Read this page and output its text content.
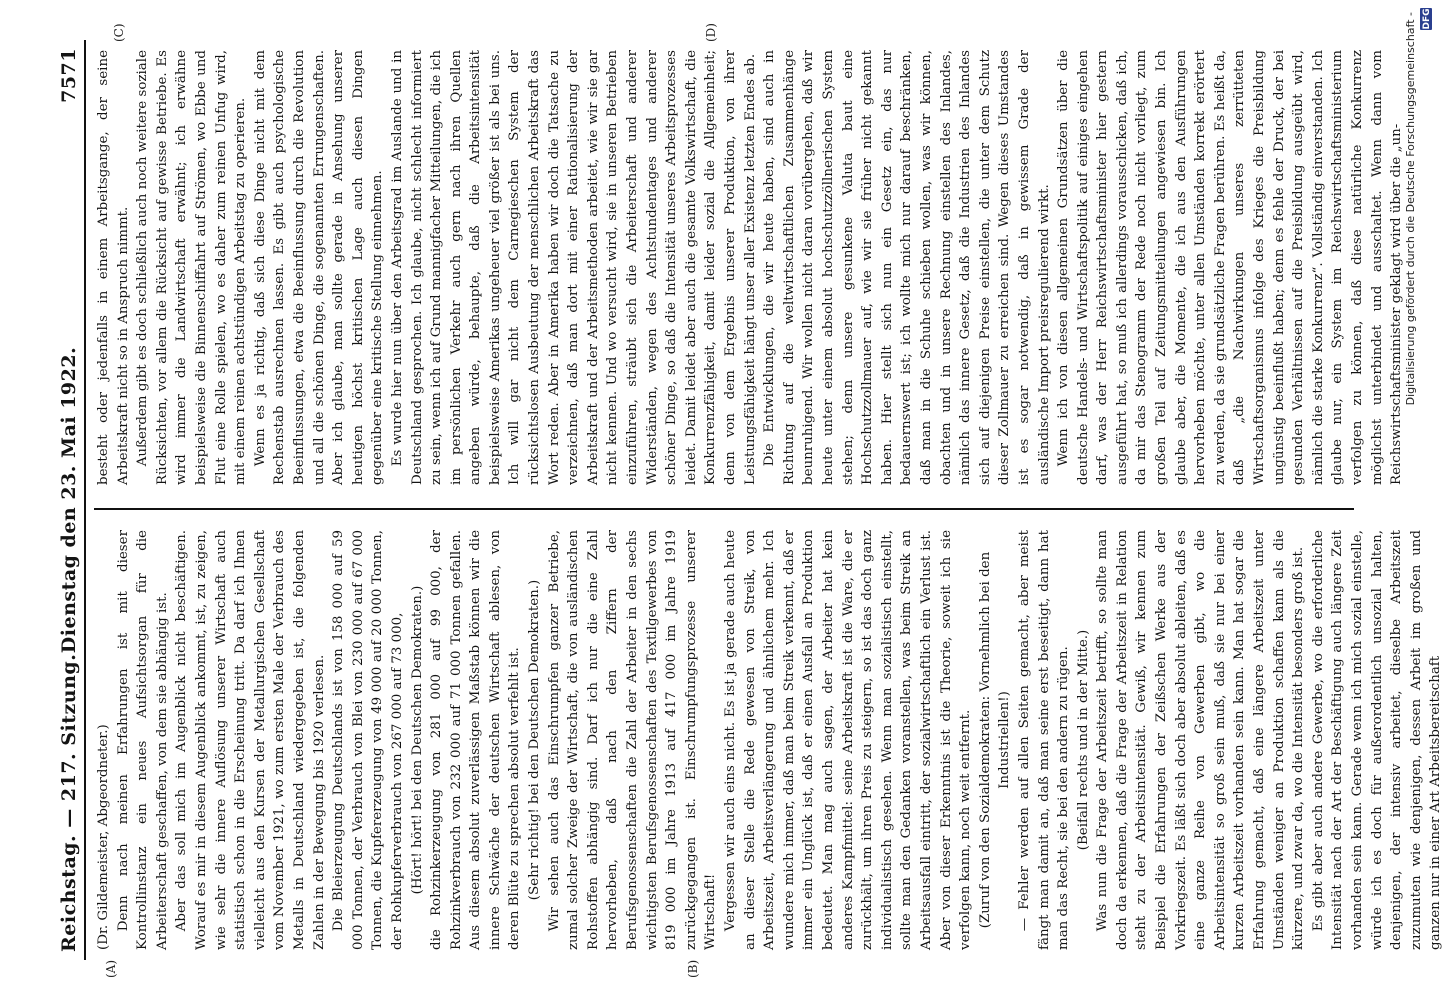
Reichstag. — 217. Sitzung.
Dienstag den 23. Mai 1922.
7571
(A)	(B)
(C)	(D)

(Dr. Gildemeister, Abgeordneter.) Denn nach meinen Erfahrungen ist mit dieser Kontrollinstanz ein neues Aufsichtsorgan für die Arbeiterschaft geschaffen, von dem sie abhängig ist. Aber das soll mich im Augenblick nicht beschäftigen. Worauf es mir in diesem Augenblick ankommt, ist, zu zeigen, wie sehr die innere Auflösung unserer Wirtschaft auch statistisch schon in die Erscheinung tritt. Da darf ich Ihnen vielleicht aus den Kursen der Metallurgischen Gesellschaft vom November 1921, wo zum ersten Male der Verbrauch des Metalls in Deutschland wiedergegeben ist, die folgenden Zahlen in der Bewegung bis 1920 verlesen. Die Bleierzeugung Deutschlands ist von 158 000 auf 59 000 Tonnen, der Verbrauch von Blei von 230 000 auf 67 000 Tonnen, die Kupfererzeugung von 49 000 auf 20 000 Tonnen, der Rohkupferverbrauch von 267 000 auf 73 000, (Hört! hört! bei den Deutschen Demokraten.) die Rohzinkerzeugung von 281 000 auf 99 000, der Rohzinkverbrauch von 232 000 auf 71 000 Tonnen gefallen. Aus diesem absolut zuverlässigen Maßstab können wir die innere Schwäche der deutschen Wirtschaft ablesen, von deren Blüte zu sprechen absolut verfehlt ist. (Sehr richtig! bei den Deutschen Demokraten.) Wir sehen auch das Einschrumpfen ganzer Betriebe, zumal solcher Zweige der Wirtschaft, die von ausländischen Rohstoffen abhängig sind. Darf ich nur die eine Zahl hervorheben, daß nach den Ziffern der Berufsgenossenschaften die Zahl der Arbeiter in den sechs wichtigsten Berufsgenossenschaften des Textilgewerbes von 819 000 im Jahre 1913 auf 417 000 im Jahre 1919 zurückgegangen ist. Einschrumpfungsprozesse unserer Wirtschaft! Vergessen wir auch eins nicht. Es ist ja gerade auch heute an dieser Stelle die Rede gewesen von Streik, von Arbeitszeit, Arbeitsverlängerung und ähnlichem mehr. Ich wundere mich immer, daß man beim Streik verkennt, daß er immer ein Unglück ist, daß er einen Ausfall an Produktion bedeutet. Man mag auch sagen, der Arbeiter hat kein anderes Kampfmittel: seine Arbeitskraft ist die Ware, die er zurückhält, um ihren Preis zu steigern, so ist das doch ganz individualistisch gesehen. Wenn man sozialistisch einstellt, sollte man den Gedanken voranstellen, was beim Streik an Arbeitsausfall eintritt, der sozialwirtschaftlich ein Verlust ist. Aber von dieser Erkenntnis ist die Theorie, soweit ich sie verfolgen kann, noch weit entfernt. (Zuruf von den Sozialdemokraten: Vornehmlich bei den Industriellen!) — Fehler werden auf allen Seiten gemacht, aber meist fängt man damit an, daß man seine erst beseitigt, dann hat man das Recht, sie bei den andern zu rügen. (Beifall rechts und in der Mitte.) Was nun die Frage der Arbeitszeit betrifft, so sollte man doch da erkennen, daß die Frage der Arbeitszeit in Relation steht zu der Arbeitsintensität. Gewiß, wir kennen zum Beispiel die Erfahrungen der Zeißschen Werke aus der Vorkriegszeit. Es läßt sich doch aber absolut ableiten, daß es eine ganze Reihe von Gewerben gibt, wo die Arbeitsintensität so groß sein muß, daß sie nur bei einer kurzen Arbeitszeit vorhanden sein kann. Man hat sogar die Erfahrung gemacht, daß eine längere Arbeitszeit unter Umständen weniger an Produktion schaffen kann als die kürzere, und zwar da, wo die Intensität besonders groß ist. Es gibt aber auch andere Gewerbe, wo die erforderliche Intensität nach der Art der Beschäftigung auch längere Zeit vorhanden sein kann. Gerade wenn ich mich sozial einstelle, würde ich es doch für außerordentlich unsozial halten, denjenigen, der intensiv arbeitet, dieselbe Arbeitszeit zuzumuten wie denjenigen, dessen Arbeit im großen und ganzen nur in einer Art Arbeitsbereitschaft

besteht oder jedenfalls in einem Arbeitsgange, der seine Arbeitskraft nicht so in Anspruch nimmt. Außerdem gibt es doch schließlich auch noch weitere soziale Rücksichten, vor allem die Rücksicht auf gewisse Betriebe. Es wird immer die Landwirtschaft erwähnt; ich erwähne beispielsweise die Binnenschiffahrt auf Strömen, wo Ebbe und Flut eine Rolle spielen, wo es daher zum reinen Unfug wird, mit einem reinen achtstündigen Arbeitstag zu operieren. Wenn es ja richtig, daß sich diese Dinge nicht mit dem Rechenstab ausrechnen lassen. Es gibt auch psychologische Beeinflussungen, etwa die Beeinflussung durch die Revolution und all die schönen Dinge, die sogenannten Errungenschaften. Aber ich glaube, man sollte gerade in Ansehung unserer heutigen höchst kritischen Lage auch diesen Dingen gegenüber eine kritische Stellung einnehmen. Es wurde hier nun über den Arbeitsgrad im Auslande und in Deutschland gesprochen. Ich glaube, nicht schlecht informiert zu sein, wenn ich auf Grund mannigfacher Mitteilungen, die ich im persönlichen Verkehr auch gern nach ihren Quellen angeben würde, behaupte, daß die Arbeitsintensität beispielsweise Amerikas ungeheuer viel größer ist als bei uns. Ich will gar nicht dem Carnegieschen System der rücksichtslosen Ausbeutung der menschlichen Arbeitskraft das Wort reden. Aber in Amerika haben wir doch die Tatsache zu verzeichnen, daß man dort mit einer Rationalisierung der Arbeitskraft und der Arbeitsmethoden arbeitet, wie wir sie gar nicht kennen. Und wo versucht wird, sie in unseren Betrieben einzuführen, sträubt sich die Arbeiterschaft und anderer Widerständen, wegen des Achtstundentages und anderer schöner Dinge, so daß die Intensität unseres Arbeitsprozesses leidet. Damit leidet aber auch die gesamte Volkswirtschaft, die Konkurrenzfähigkeit, damit leider sozial die Allgemeinheit; denn von dem Ergebnis unserer Produktion, von ihrer Leistungsfähigkeit hängt unser aller Existenz letzten Endes ab. Die Entwicklungen, die wir heute haben, sind auch in Richtung auf die weltwirtschaftlichen Zusammenhänge beunruhigend. Wir wollen nicht daran vorübergehen, daß wir heute unter einem absolut hochschutzzöllnerischen System stehen; denn unsere gesunkene Valuta baut eine Hochschutzzollmauer auf, wie wir sie früher nicht gekannt haben. Hier stellt sich nun ein Gesetz ein, das nur bedauernswert ist; ich wollte mich nur darauf beschränken, daß man in die Schuhe schieben wollen, was wir können, obachten und in unsere Rechnung einstellen des Inlandes, nämlich das innere Gesetz, daß die Industrien des Inlandes sich auf diejenigen Preise einstellen, die unter dem Schutz dieser Zollmauer zu erreichen sind. Wegen dieses Umstandes ist es sogar notwendig, daß in gewissem Grade der ausländische Import preisregulierend wirkt. Wenn ich von diesen allgemeinen Grundsätzen über die deutsche Handels- und Wirtschaftspolitik auf einiges eingehen darf, was der Herr Reichswirtschaftsminister hier gestern ausgeführt hat, so muß ich allerdings vorausschicken, daß ich, da mir das Stenogramm der Rede noch nicht vorliegt, zum großen Teil auf Zeitungsmitteilungen angewiesen bin. Ich glaube aber, die Momente, die ich aus den Ausführungen hervorheben möchte, unter allen Umständen korrekt erörtert zu werden, da sie grundsätzliche Fragen berühren. Es heißt da, daß „die Nachwirkungen unseres zerrütteten Wirtschaftsorganismus infolge des Krieges die Preisbildung ungünstig beeinflußt haben; denn es fehle der Druck, der bei gesunden Verhältnissen auf die Preisbildung ausgeübt wird, nämlich die starke Konkurrenz“. Vollständig einverstanden. Ich glaube nur, ein System im Reichswirtschaftsministerium verfolgen zu können, daß diese natürliche Konkurrenz möglichst unterbindet und ausschaltet. Wenn dann vom Reichswirtschaftsminister geklagt wird über die „un- Digitalisierung gefördert durch die Deutsche Forschungsgemeinschaft - DFG
